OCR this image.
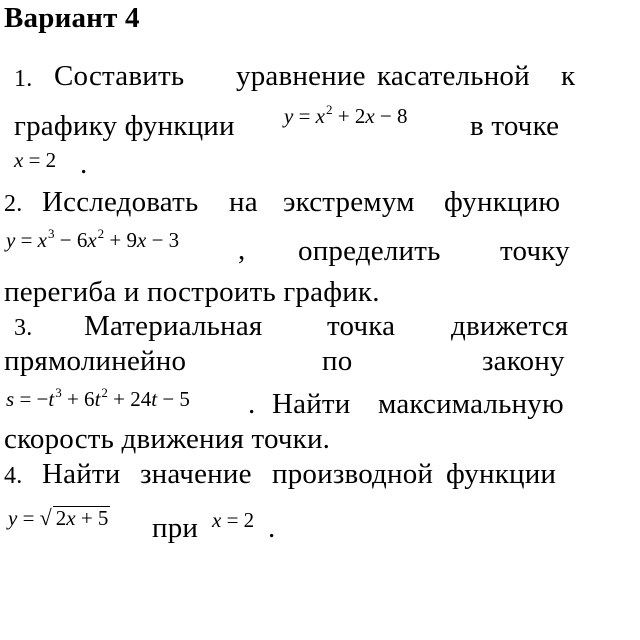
Вариант 4
1. Составить уравнение касательной к
графику функции $y = x^2 + 2x - 8$ в точке
x = 2 .
2. Исследовать на экстремум функцию
$y = x^3 - 6x^2 + 9x - 3$ , определить точку
перегиба и построить график.
3. Материальная точка движется
прямолинейно	по	закону
$s = -t^3 + 6t^2 + 24t - 5$ . Найти максимальную
скорость движения точки.
4. Найти значение производной функции
y = √ 2x + 5 при x = 2 .
